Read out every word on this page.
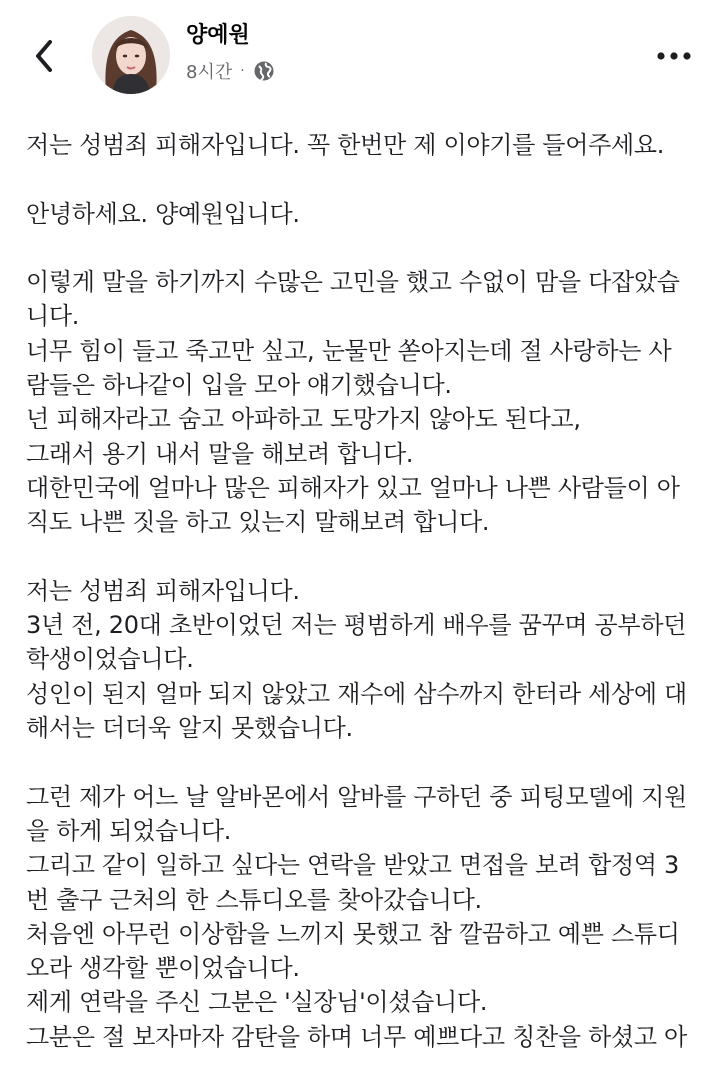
양예원
8시간 ·
저는 성범죄 피해자입니다. 꼭 한번만 제 이야기를 들어주세요.
안녕하세요. 양예원입니다.
이렇게 말을 하기까지 수많은 고민을 했고 수없이 맘을 다잡았습
니다.
너무 힘이 들고 죽고만 싶고, 눈물만 쏟아지는데 절 사랑하는 사
람들은 하나같이 입을 모아 얘기했습니다.
넌 피해자라고 숨고 아파하고 도망가지 않아도 된다고,
그래서 용기 내서 말을 해보려 합니다.
대한민국에 얼마나 많은 피해자가 있고 얼마나 나쁜 사람들이 아
직도 나쁜 짓을 하고 있는지 말해보려 합니다.
저는 성범죄 피해자입니다.
3년 전, 20대 초반이었던 저는 평범하게 배우를 꿈꾸며 공부하던
학생이었습니다.
성인이 된지 얼마 되지 않았고 재수에 삼수까지 한터라 세상에 대
해서는 더더욱 알지 못했습니다.
그런 제가 어느 날 알바몬에서 알바를 구하던 중 피팅모델에 지원
을 하게 되었습니다.
그리고 같이 일하고 싶다는 연락을 받았고 면접을 보려 합정역 3
번 출구 근처의 한 스튜디오를 찾아갔습니다.
처음엔 아무런 이상함을 느끼지 못했고 참 깔끔하고 예쁜 스튜디
오라 생각할 뿐이었습니다.
제게 연락을 주신 그분은 '실장님'이셨습니다.
그분은 절 보자마자 감탄을 하며 너무 예쁘다고 칭찬을 하셨고 아
